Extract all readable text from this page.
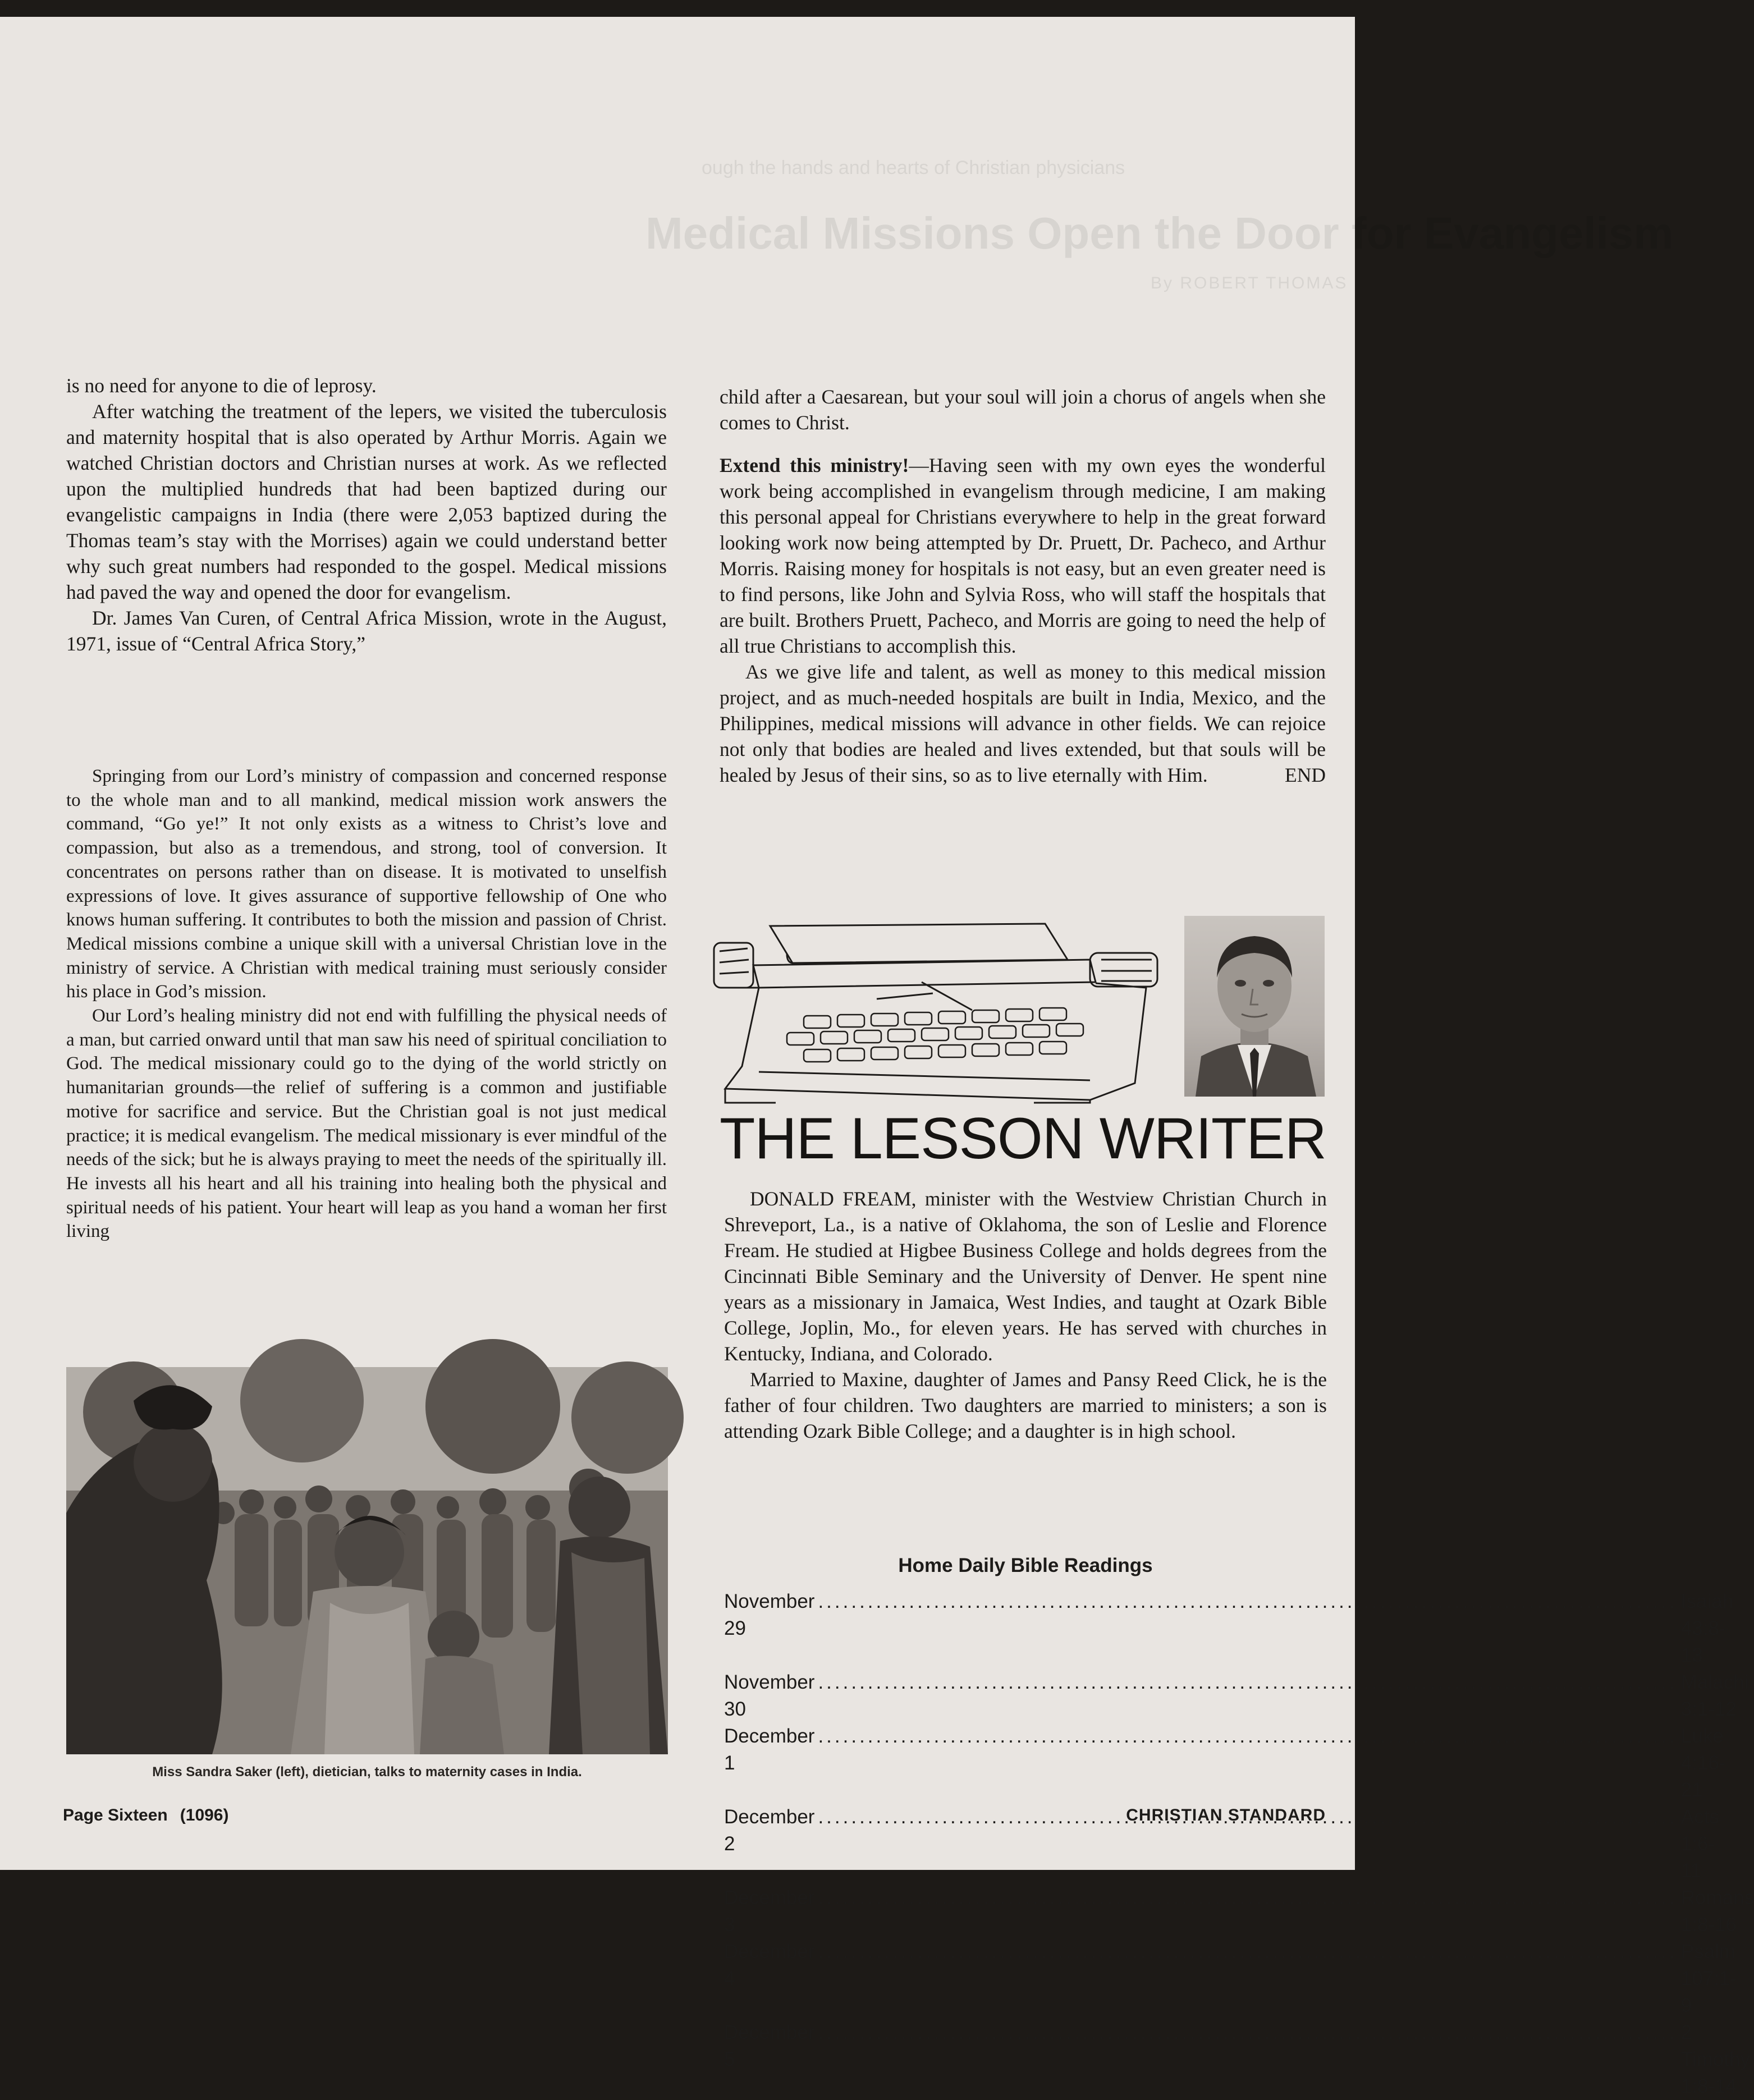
ough the hands and hearts of Christian physicians
Medical Missions Open the Door for Evangelism
By ROBERT THOMAS

is no need for anyone to die of leprosy.

After watching the treatment of the lepers, we visited the tuberculosis and maternity hospital that is also operated by Arthur Morris. Again we watched Christian doctors and Christian nurses at work. As we reflected upon the multiplied hundreds that had been baptized during our evangelistic campaigns in India (there were 2,053 baptized during the Thomas team’s stay with the Morrises) again we could understand better why such great numbers had responded to the gospel. Medical missions had paved the way and opened the door for evangelism.

Dr. James Van Curen, of Central Africa Mission, wrote in the August, 1971, issue of “Central Africa Story,”

Springing from our Lord’s ministry of compassion and concerned response to the whole man and to all mankind, medical mission work answers the command, “Go ye!” It not only exists as a witness to Christ’s love and compassion, but also as a tremendous, and strong, tool of conversion. It concentrates on persons rather than on disease. It is motivated to unselfish expressions of love. It gives assurance of supportive fellowship of One who knows human suffering. It contributes to both the mission and passion of Christ. Medical missions combine a unique skill with a universal Christian love in the ministry of service. A Christian with medical training must seriously consider his place in God’s mission.

Our Lord’s healing ministry did not end with fulfilling the physical needs of a man, but carried onward until that man saw his need of spiritual conciliation to God. The medical missionary could go to the dying of the world strictly on humanitarian grounds—the relief of suffering is a common and justifiable motive for sacrifice and service. But the Christian goal is not just medical practice; it is medical evangelism. The medical missionary is ever mindful of the needs of the sick; but he is always praying to meet the needs of the spiritually ill. He invests all his heart and all his training into healing both the physical and spiritual needs of his patient. Your heart will leap as you hand a woman her first living

Miss Sandra Saker (left), dietician, talks to maternity cases in India.

child after a Caesarean, but your soul will join a chorus of angels when she comes to Christ.

Extend this ministry!—Having seen with my own eyes the wonderful work being accomplished in evangelism through medicine, I am making this personal appeal for Christians everywhere to help in the great forward looking work now being attempted by Dr. Pruett, Dr. Pacheco, and Arthur Morris. Raising money for hospitals is not easy, but an even greater need is to find persons, like John and Sylvia Ross, who will staff the hospitals that are built. Brothers Pruett, Pacheco, and Morris are going to need the help of all true Christians to accomplish this.

As we give life and talent, as well as money to this medical mission project, and as much-needed hospitals are built in India, Mexico, and the Philippines, medical missions will advance in other fields. We can rejoice not only that bodies are healed and lives extended, but that souls will be healed by Jesus of their sins, so as to live eternally with Him.	END

THE LESSON WRITER

DONALD FREAM, minister with the Westview Christian Church in Shreveport, La., is a native of Oklahoma, the son of Leslie and Florence Fream. He studied at Higbee Business College and holds degrees from the Cincinnati Bible Seminary and the University of Denver. He spent nine years as a missionary in Jamaica, West Indies, and taught at Ozark Bible College, Joplin, Mo., for eleven years. He has served with churches in Kentucky, Indiana, and Colorado.

Married to Maxine, daughter of James and Pansy Reed Click, he is the father of four children. Two daughters are married to ministers; a son is attending Ozark Bible College; and a daughter is in high school.

Home Daily Bible Readings
November 29
.....
Isaiah 43:8-13
November 30
.....
Malachi 3:1-12
December 1
.....
Luke 4:16-21
December 2
.....
Acts 1:6-11
December 3
.....
Romans 1:8-16
December 4
.....
Psalm 107:1-9
December 5
.....
2 Timothy 1:8-14
Page Sixteen (1096)	CHRISTIAN STANDARD
